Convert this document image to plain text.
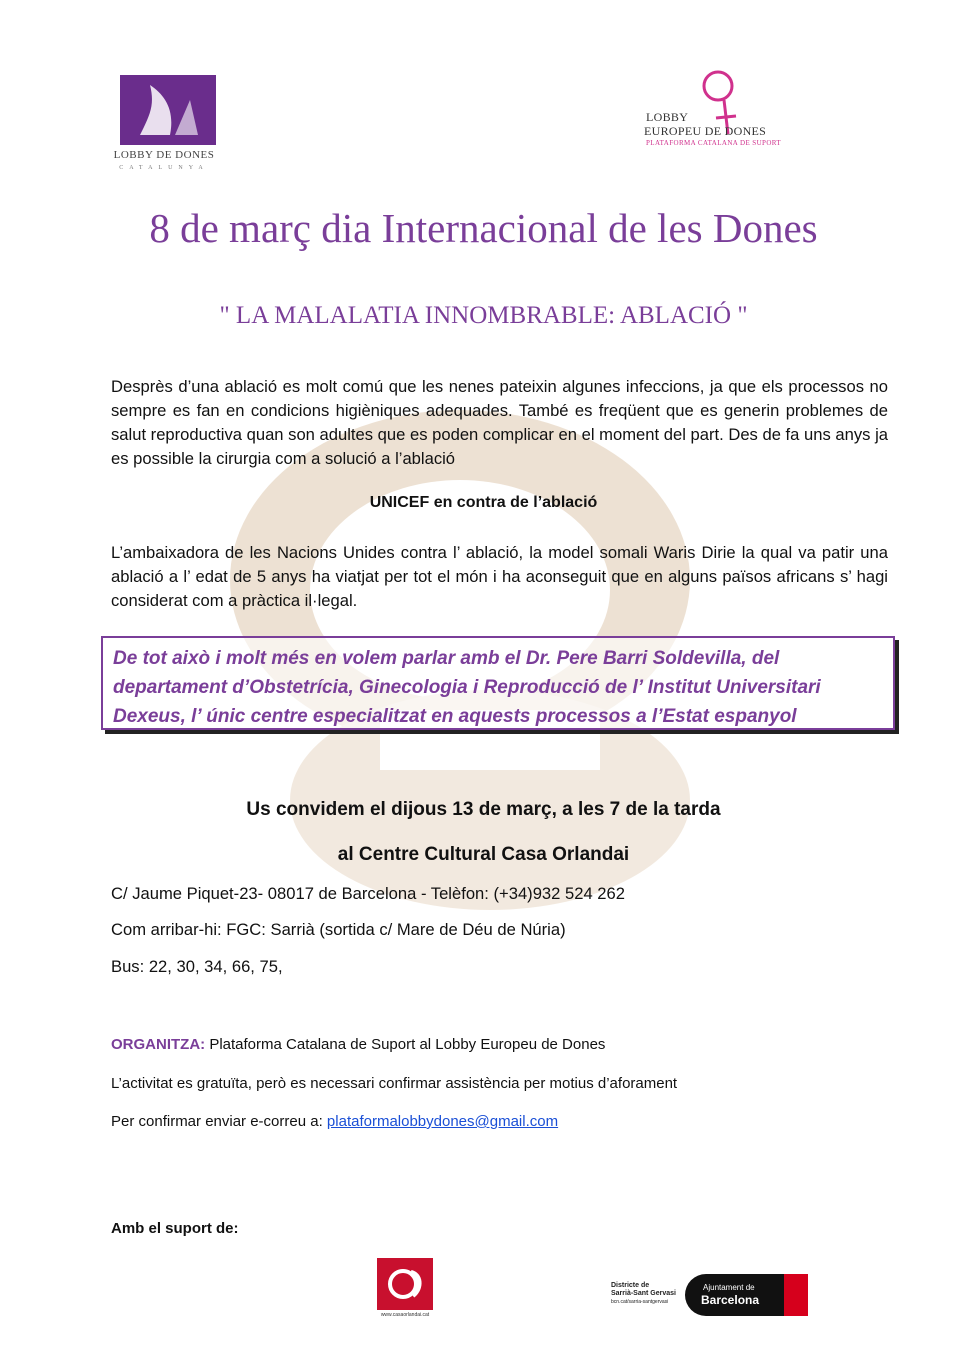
LOBBY DE DONES
CATALUNYA
LOBBY
EUROPEU DE DONES
PLATAFORMA CATALANA DE SUPORT
8 de març dia Internacional de les Dones
" LA MALALATIA INNOMBRABLE: ABLACIÓ "
Desprès d’una ablació es molt comú que les nenes pateixin algunes infeccions, ja que els processos no sempre es fan en condicions higièniques adequades. També es freqüent que es generin problemes de salut reproductiva quan son adultes que es poden complicar en el moment del part. Des de fa uns anys ja es possible la cirurgia com a solució a l’ablació
UNICEF en contra de l’ablació
L’ambaixadora de les Nacions Unides contra l’ ablació, la model somali Waris Dirie la qual va patir una ablació a l’ edat de 5 anys ha viatjat per tot el món i ha aconseguit que en alguns països africans s’ hagi considerat com a pràctica il·legal.
De tot això i molt més en volem parlar amb el Dr. Pere Barri Soldevilla, del departament d’Obstetrícia, Ginecologia i Reproducció de l’ Institut Universitari Dexeus, l’ únic centre especialitzat en aquests processos a l’Estat espanyol
Us convidem el dijous 13 de març, a les 7 de la tarda
al Centre Cultural Casa Orlandai
C/ Jaume Piquet-23- 08017 de Barcelona - Telèfon: (+34)932 524 262
Com arribar-hi: FGC: Sarrià (sortida c/ Mare de Déu de Núria)
Bus: 22, 30, 34, 66, 75,
ORGANITZA: Plataforma Catalana de Suport al Lobby Europeu de Dones
L’activitat es gratuïta, però es necessari confirmar assistència per motius d’aforament
Per confirmar enviar e-correu a: plataformalobbydones@gmail.com
Amb el suport de:
www.casaorlandai.cat
Districte de
Sarrià-Sant Gervasi
bcn.cat/sarria-santgervasi
Ajuntament de
Barcelona
